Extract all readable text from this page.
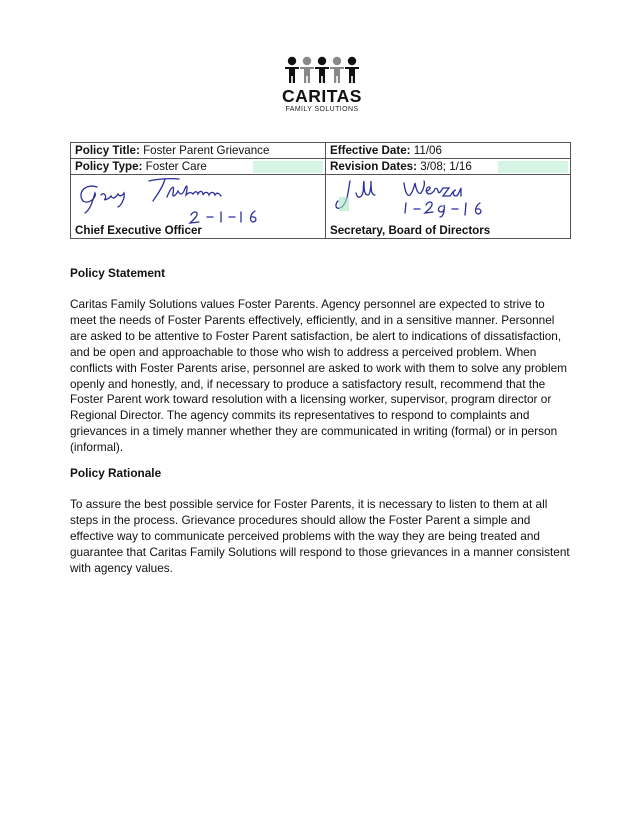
CARITAS
FAMILY SOLUTIONS
Policy Title: Foster Parent Grievance	Effective Date: 11/06
Policy Type: Foster Care	Revision Dates: 3/08; 1/16

Chief Executive Officer	Secretary, Board of Directors
Policy Statement
Caritas Family Solutions values Foster Parents. Agency personnel are expected to strive to meet the needs of Foster Parents effectively, efficiently, and in a sensitive manner. Personnel are asked to be attentive to Foster Parent satisfaction, be alert to indications of dissatisfaction, and be open and approachable to those who wish to address a perceived problem. When conflicts with Foster Parents arise, personnel are asked to work with them to solve any problem openly and honestly, and, if necessary to produce a satisfactory result, recommend that the Foster Parent work toward resolution with a licensing worker, supervisor, program director or Regional Director. The agency commits its representatives to respond to complaints and grievances in a timely manner whether they are communicated in writing (formal) or in person (informal).
Policy Rationale
To assure the best possible service for Foster Parents, it is necessary to listen to them at all steps in the process. Grievance procedures should allow the Foster Parent a simple and effective way to communicate perceived problems with the way they are being treated and guarantee that Caritas Family Solutions will respond to those grievances in a manner consistent with agency values.
